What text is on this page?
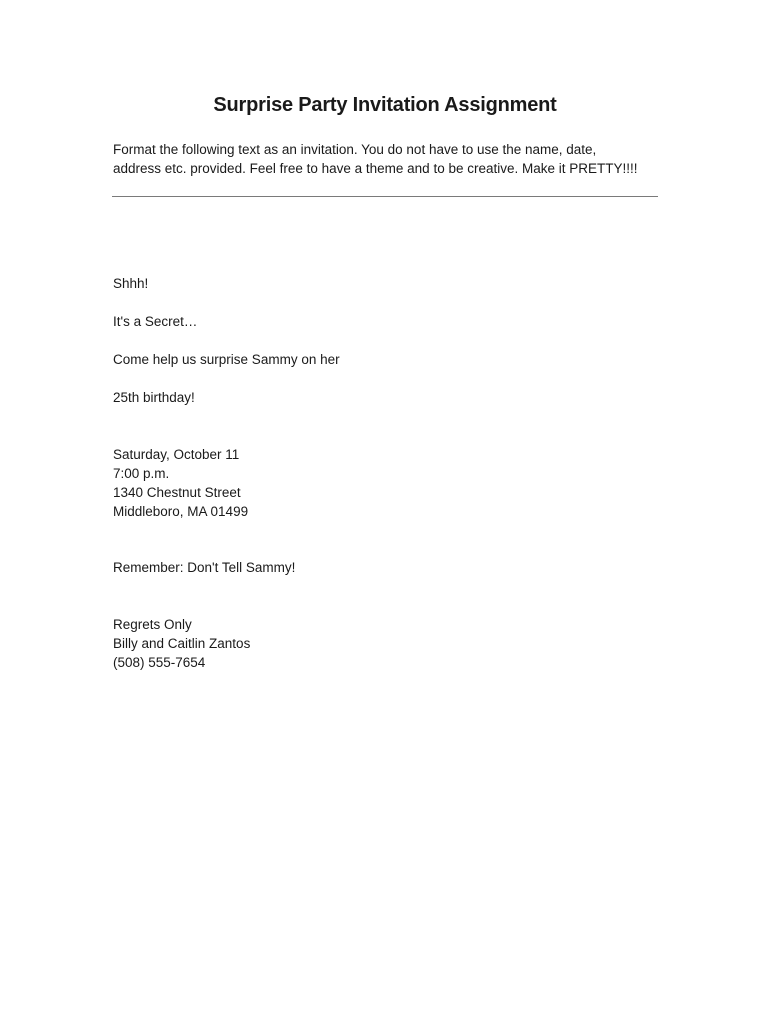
Surprise Party Invitation Assignment
Format the following text as an invitation. You do not have to use the name, date,
address etc. provided. Feel free to have a theme and to be creative. Make it PRETTY!!!!
Shhh!
It's a Secret…
Come help us surprise Sammy on her
25th birthday!
Saturday, October 11
7:00 p.m.
1340 Chestnut Street
Middleboro, MA 01499
Remember: Don't Tell Sammy!
Regrets Only
Billy and Caitlin Zantos
(508) 555-7654
